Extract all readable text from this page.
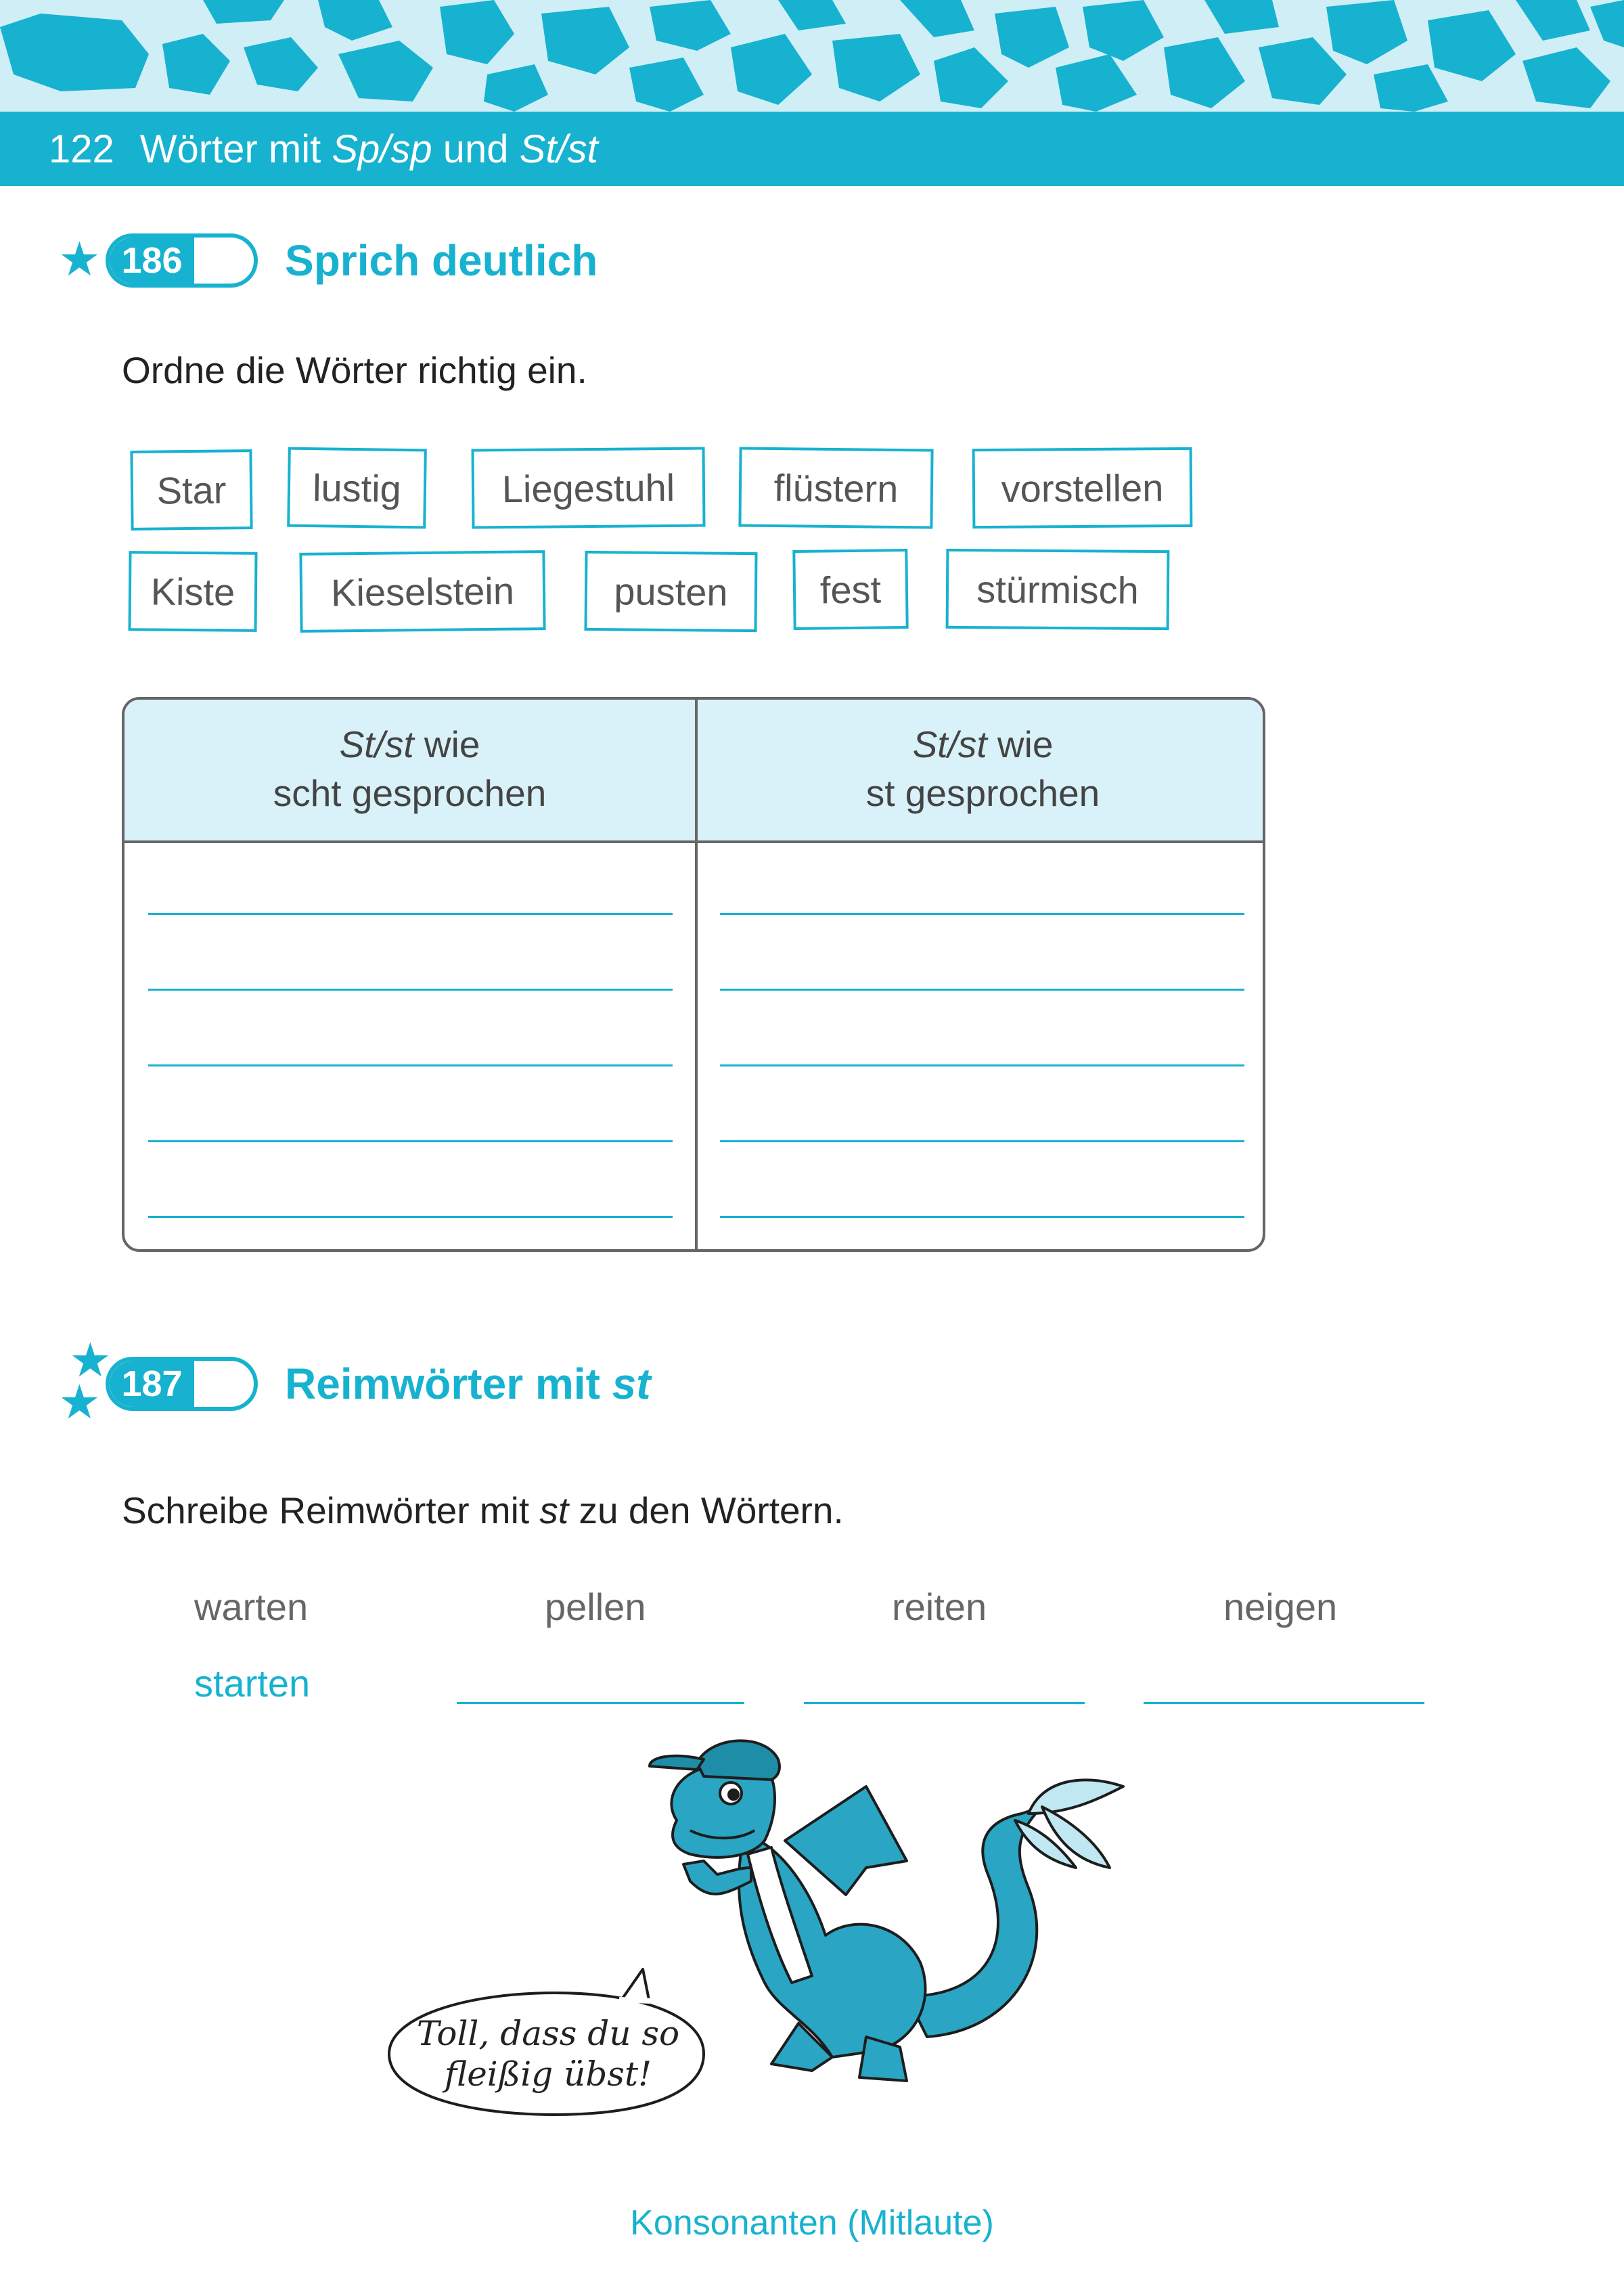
122 Wörter mit Sp/sp und St/st
★ 186 Sprich deutlich
Ordne die Wörter richtig ein.
Star	lustig	Liegestuhl	flüstern	vorstellen
Kiste	Kieselstein	pusten	fest	stürmisch
St/st wie
scht gesprochen
St/st wie
st gesprochen
★
★ 187 Reimwörter mit st
Schreibe Reimwörter mit st zu den Wörtern.
warten	pellen	reiten	neigen
starten
Toll, dass du so
fleißig übst!
Konsonanten (Mitlaute)
